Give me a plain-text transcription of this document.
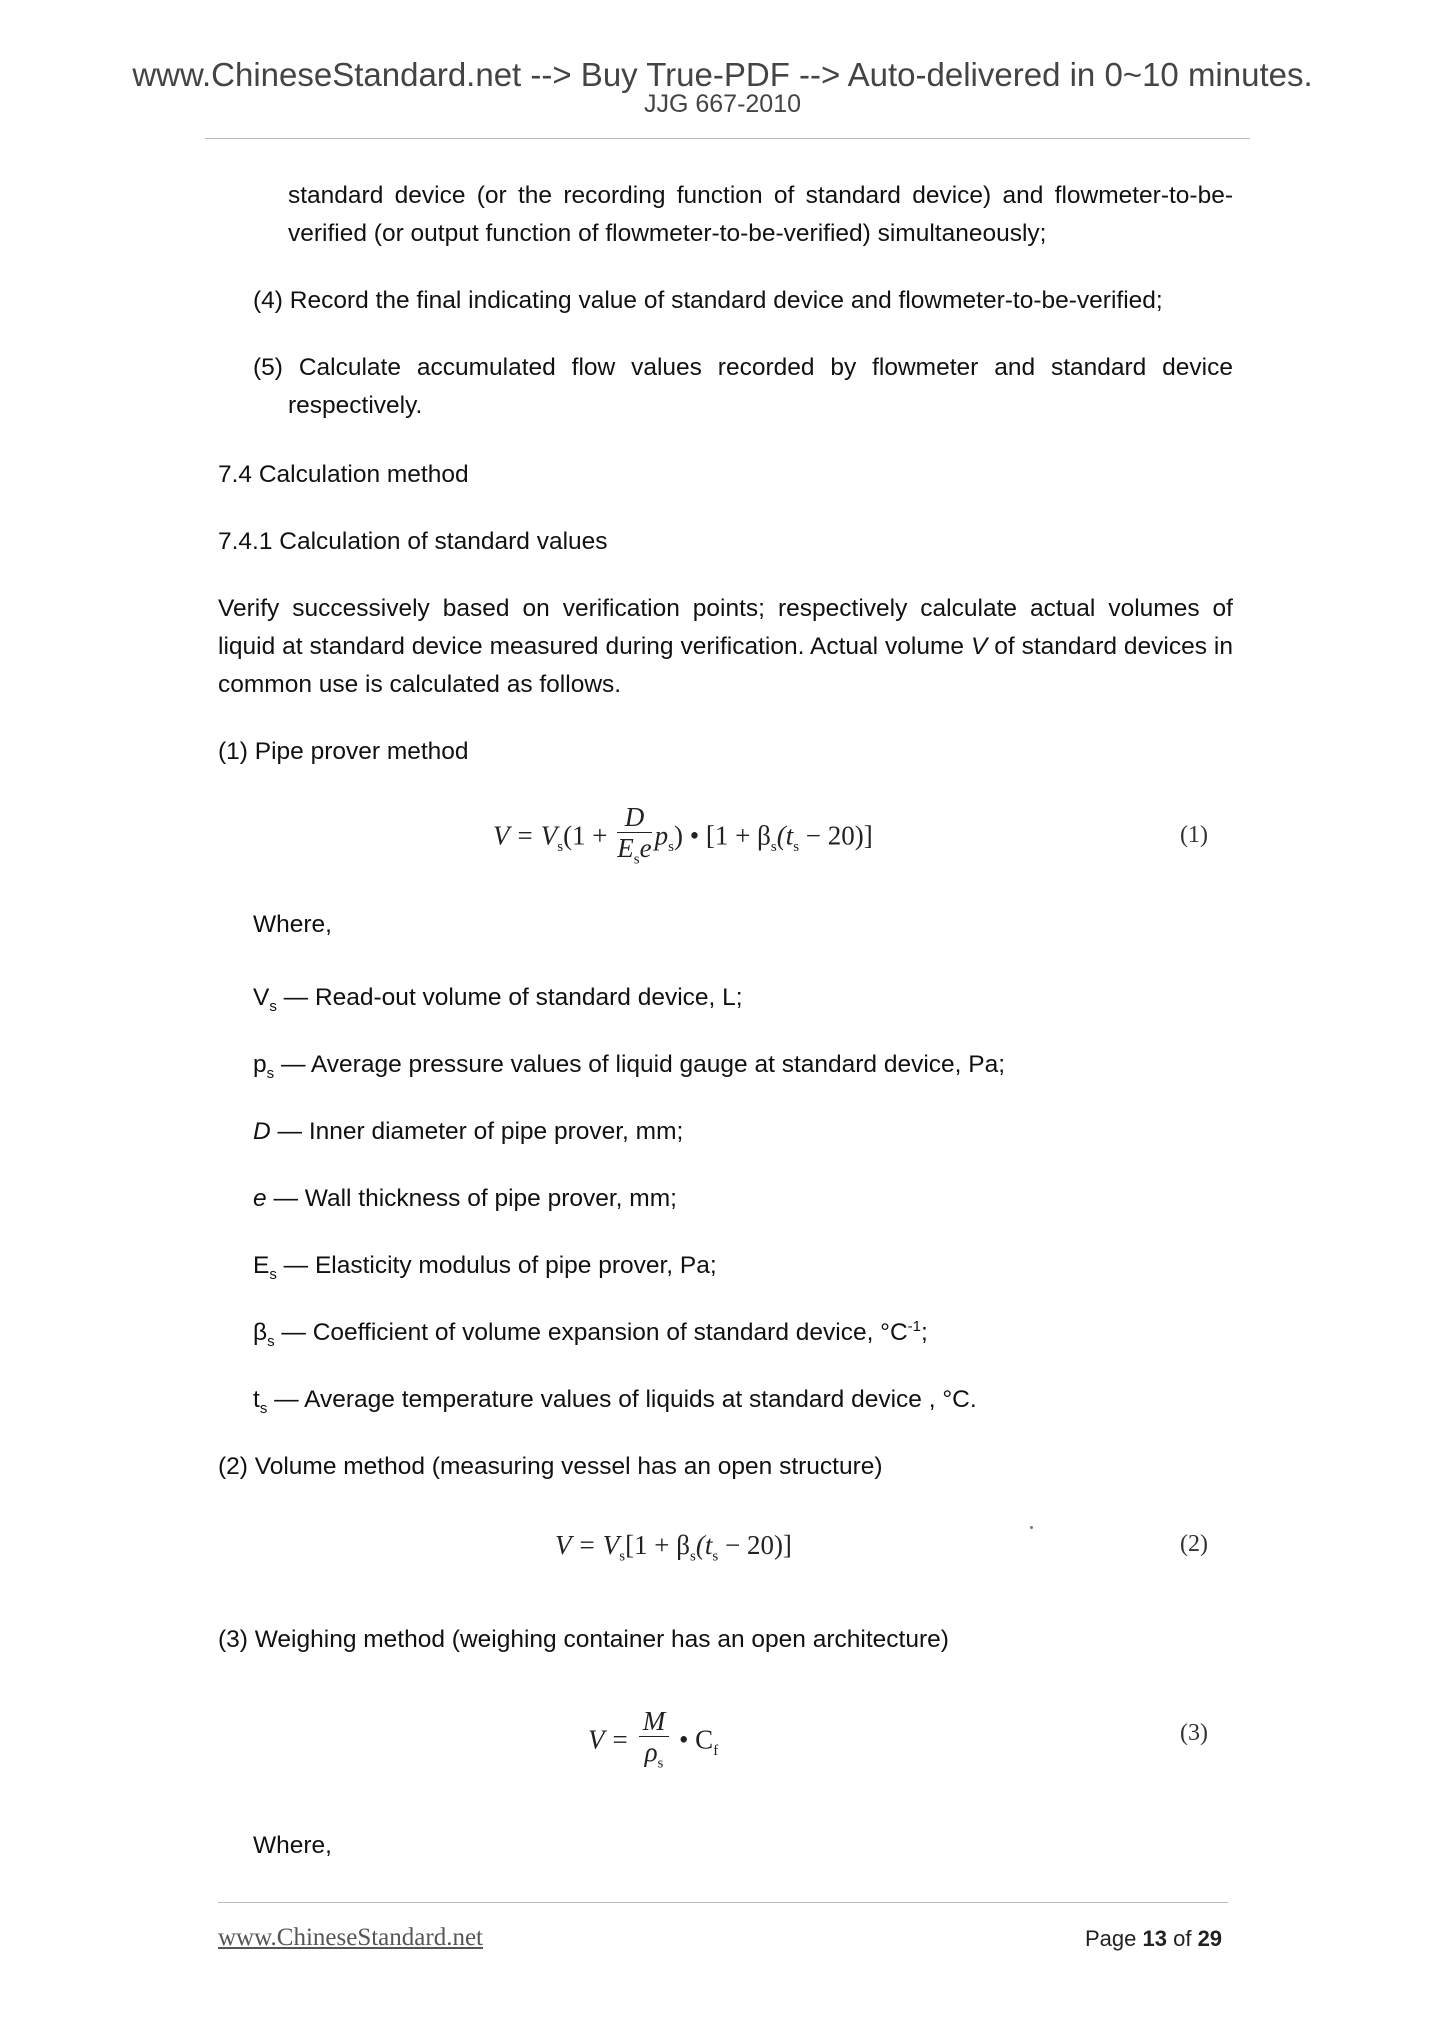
www.ChineseStandard.net --> Buy True-PDF --> Auto-delivered in 0~10 minutes.
JJG 667-2010
standard device (or the recording function of standard device) and flowmeter-to-be-verified (or output function of flowmeter-to-be-verified) simultaneously;
(4) Record the final indicating value of standard device and flowmeter-to-be-verified;
(5) Calculate accumulated flow values recorded by flowmeter and standard device respectively.
7.4 Calculation method
7.4.1 Calculation of standard values
Verify successively based on verification points; respectively calculate actual volumes of liquid at standard device measured during verification. Actual volume V of standard devices in common use is calculated as follows.
(1) Pipe prover method
$V = V_s(1 + \frac{D}{E_se} p_s)$ • $[1 + \beta_s(t_s - 20)]$	(1)
Where,
$V_s$ — Read-out volume of standard device, L;
$p_s$ — Average pressure values of liquid gauge at standard device, Pa;
D — Inner diameter of pipe prover, mm;
e — Wall thickness of pipe prover, mm;
$E_s$ — Elasticity modulus of pipe prover, Pa;
$\beta_s$ — Coefficient of volume expansion of standard device, $^\circ C^{-1}$;
$t_s$ — Average temperature values of liquids at standard device , °C.
(2) Volume method (measuring vessel has an open structure)
$V = V_s[1 + \beta_s(t_s - 20)]$	(2)
(3) Weighing method (weighing container has an open architecture)
$V = \frac{M}{\rho_s}$ • $C_f$
(3)
Where,
www.ChineseStandard.net	Page 13 of 29
